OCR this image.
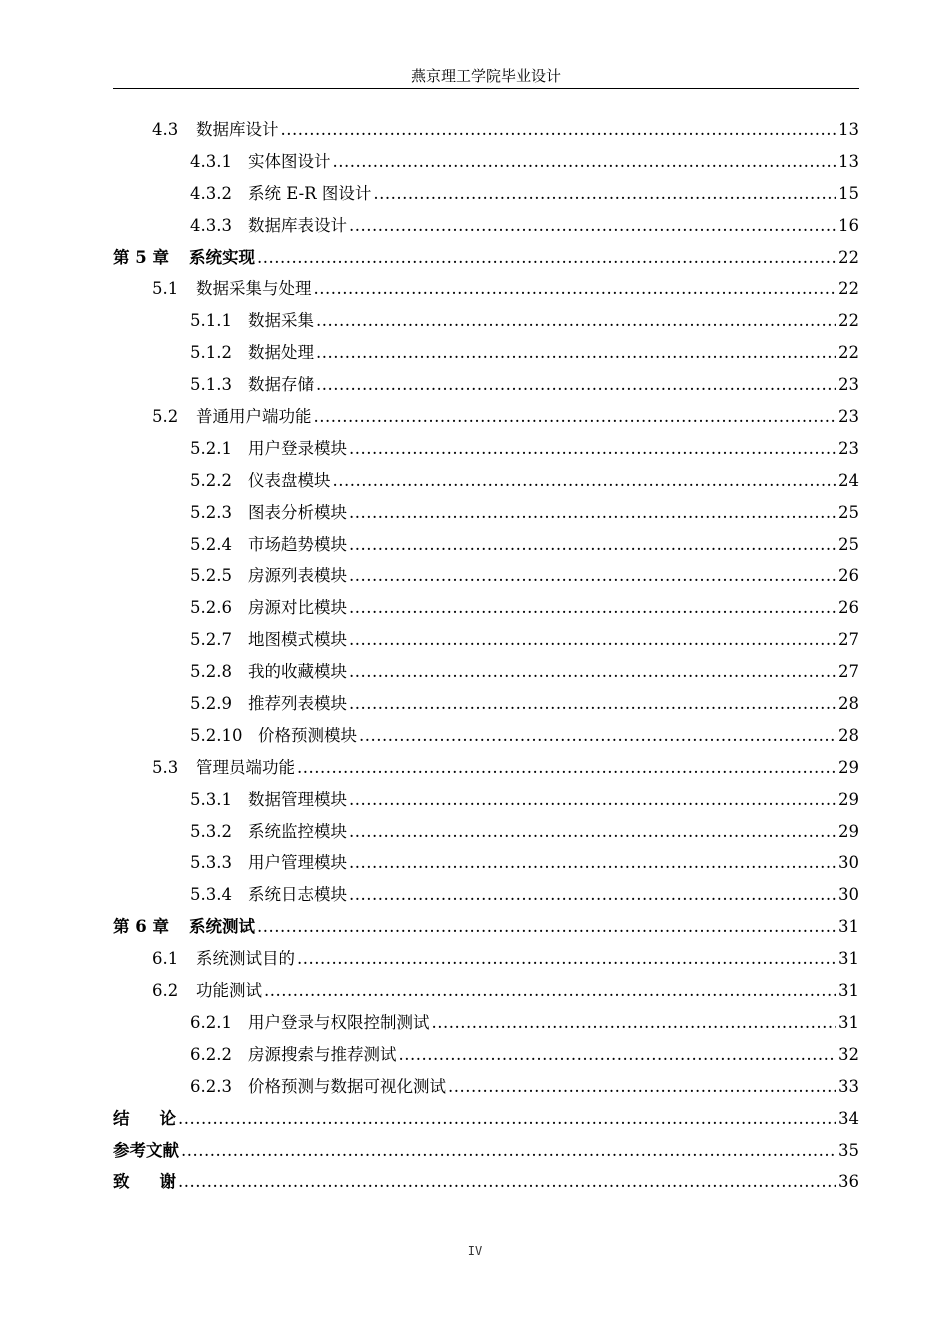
燕京理工学院毕业设计
4.3	数据库设计 .....	13
4.3.1 实体图设计 .....	13
4.3.2 系统 E-R 图设计 .....	15
4.3.3 数据库表设计 .....	16
第 5 章	系统实现 .....	22
5.1	数据采集与处理 .....	22
5.1.1 数据采集 .....	22
5.1.2 数据处理 .....	22
5.1.3 数据存储 .....	23
5.2	普通用户端功能 .....	23
5.2.1 用户登录模块 .....	23
5.2.2 仪表盘模块 .....	24
5.2.3 图表分析模块 .....	25
5.2.4 市场趋势模块 .....	25
5.2.5 房源列表模块 .....	26
5.2.6 房源对比模块 .....	26
5.2.7 地图模式模块 .....	27
5.2.8 我的收藏模块 .....	27
5.2.9 推荐列表模块 .....	28
5.2.10 价格预测模块 .....	28
5.3	管理员端功能 .....	29
5.3.1 数据管理模块 .....	29
5.3.2 系统监控模块 .....	29
5.3.3 用户管理模块 .....	30
5.3.4 系统日志模块 .....	30
第 6 章	系统测试 .....	31
6.1	系统测试目的 .....	31
6.2	功能测试 .....	31
6.2.1 用户登录与权限控制测试 .....	31
6.2.2 房源搜索与推荐测试 .....	32
6.2.3 价格预测与数据可视化测试 .....	33
结论 .....	34
参考文献 .....	35
致谢 .....	36
IV
